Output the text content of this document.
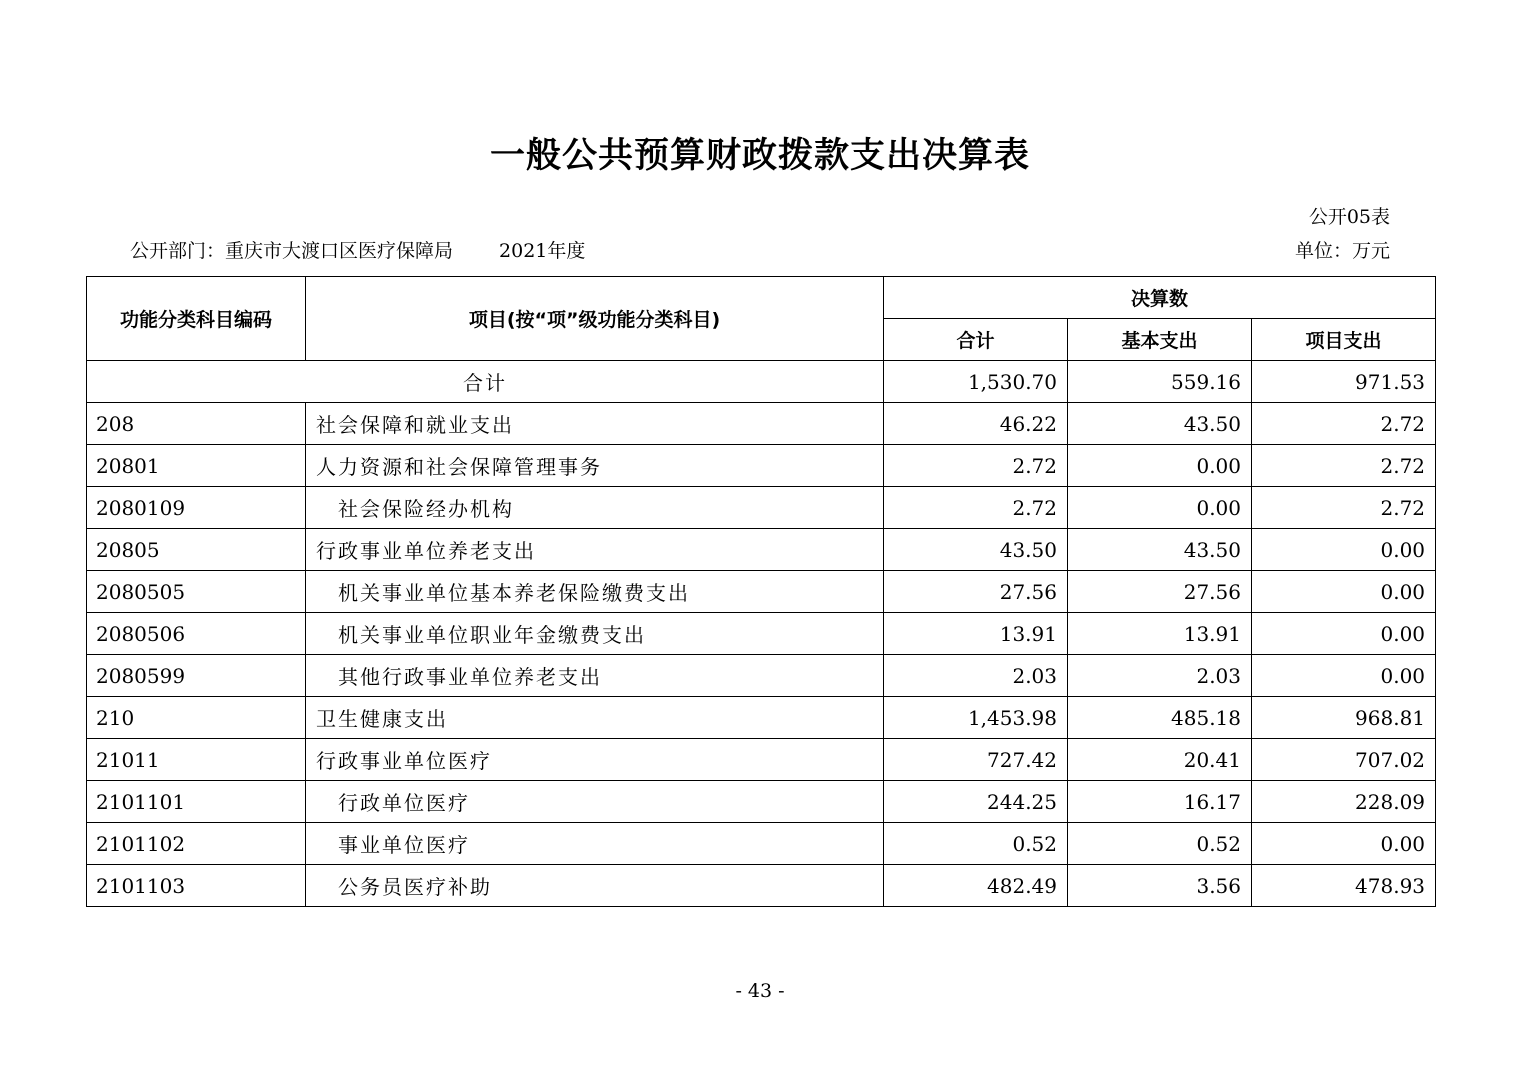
一般公共预算财政拨款支出决算表
公开05表
公开部门：重庆市大渡口区医疗保障局 2021年度	单位：万元
功能分类科目编码	项目(按“项”级功能分类科目)	决算数		
		合计	基本支出	项目支出
合计		1,530.70	559.16	971.53
208	社会保障和就业支出	46.22	43.50	2.72
20801	人力资源和社会保障管理事务	2.72	0.00	2.72
2080109	社会保险经办机构	2.72	0.00	2.72
20805	行政事业单位养老支出	43.50	43.50	0.00
2080505	机关事业单位基本养老保险缴费支出	27.56	27.56	0.00
2080506	机关事业单位职业年金缴费支出	13.91	13.91	0.00
2080599	其他行政事业单位养老支出	2.03	2.03	0.00
210	卫生健康支出	1,453.98	485.18	968.81
21011	行政事业单位医疗	727.42	20.41	707.02
2101101	行政单位医疗	244.25	16.17	228.09
2101102	事业单位医疗	0.52	0.52	0.00
2101103	公务员医疗补助	482.49	3.56	478.93
- 43 -
